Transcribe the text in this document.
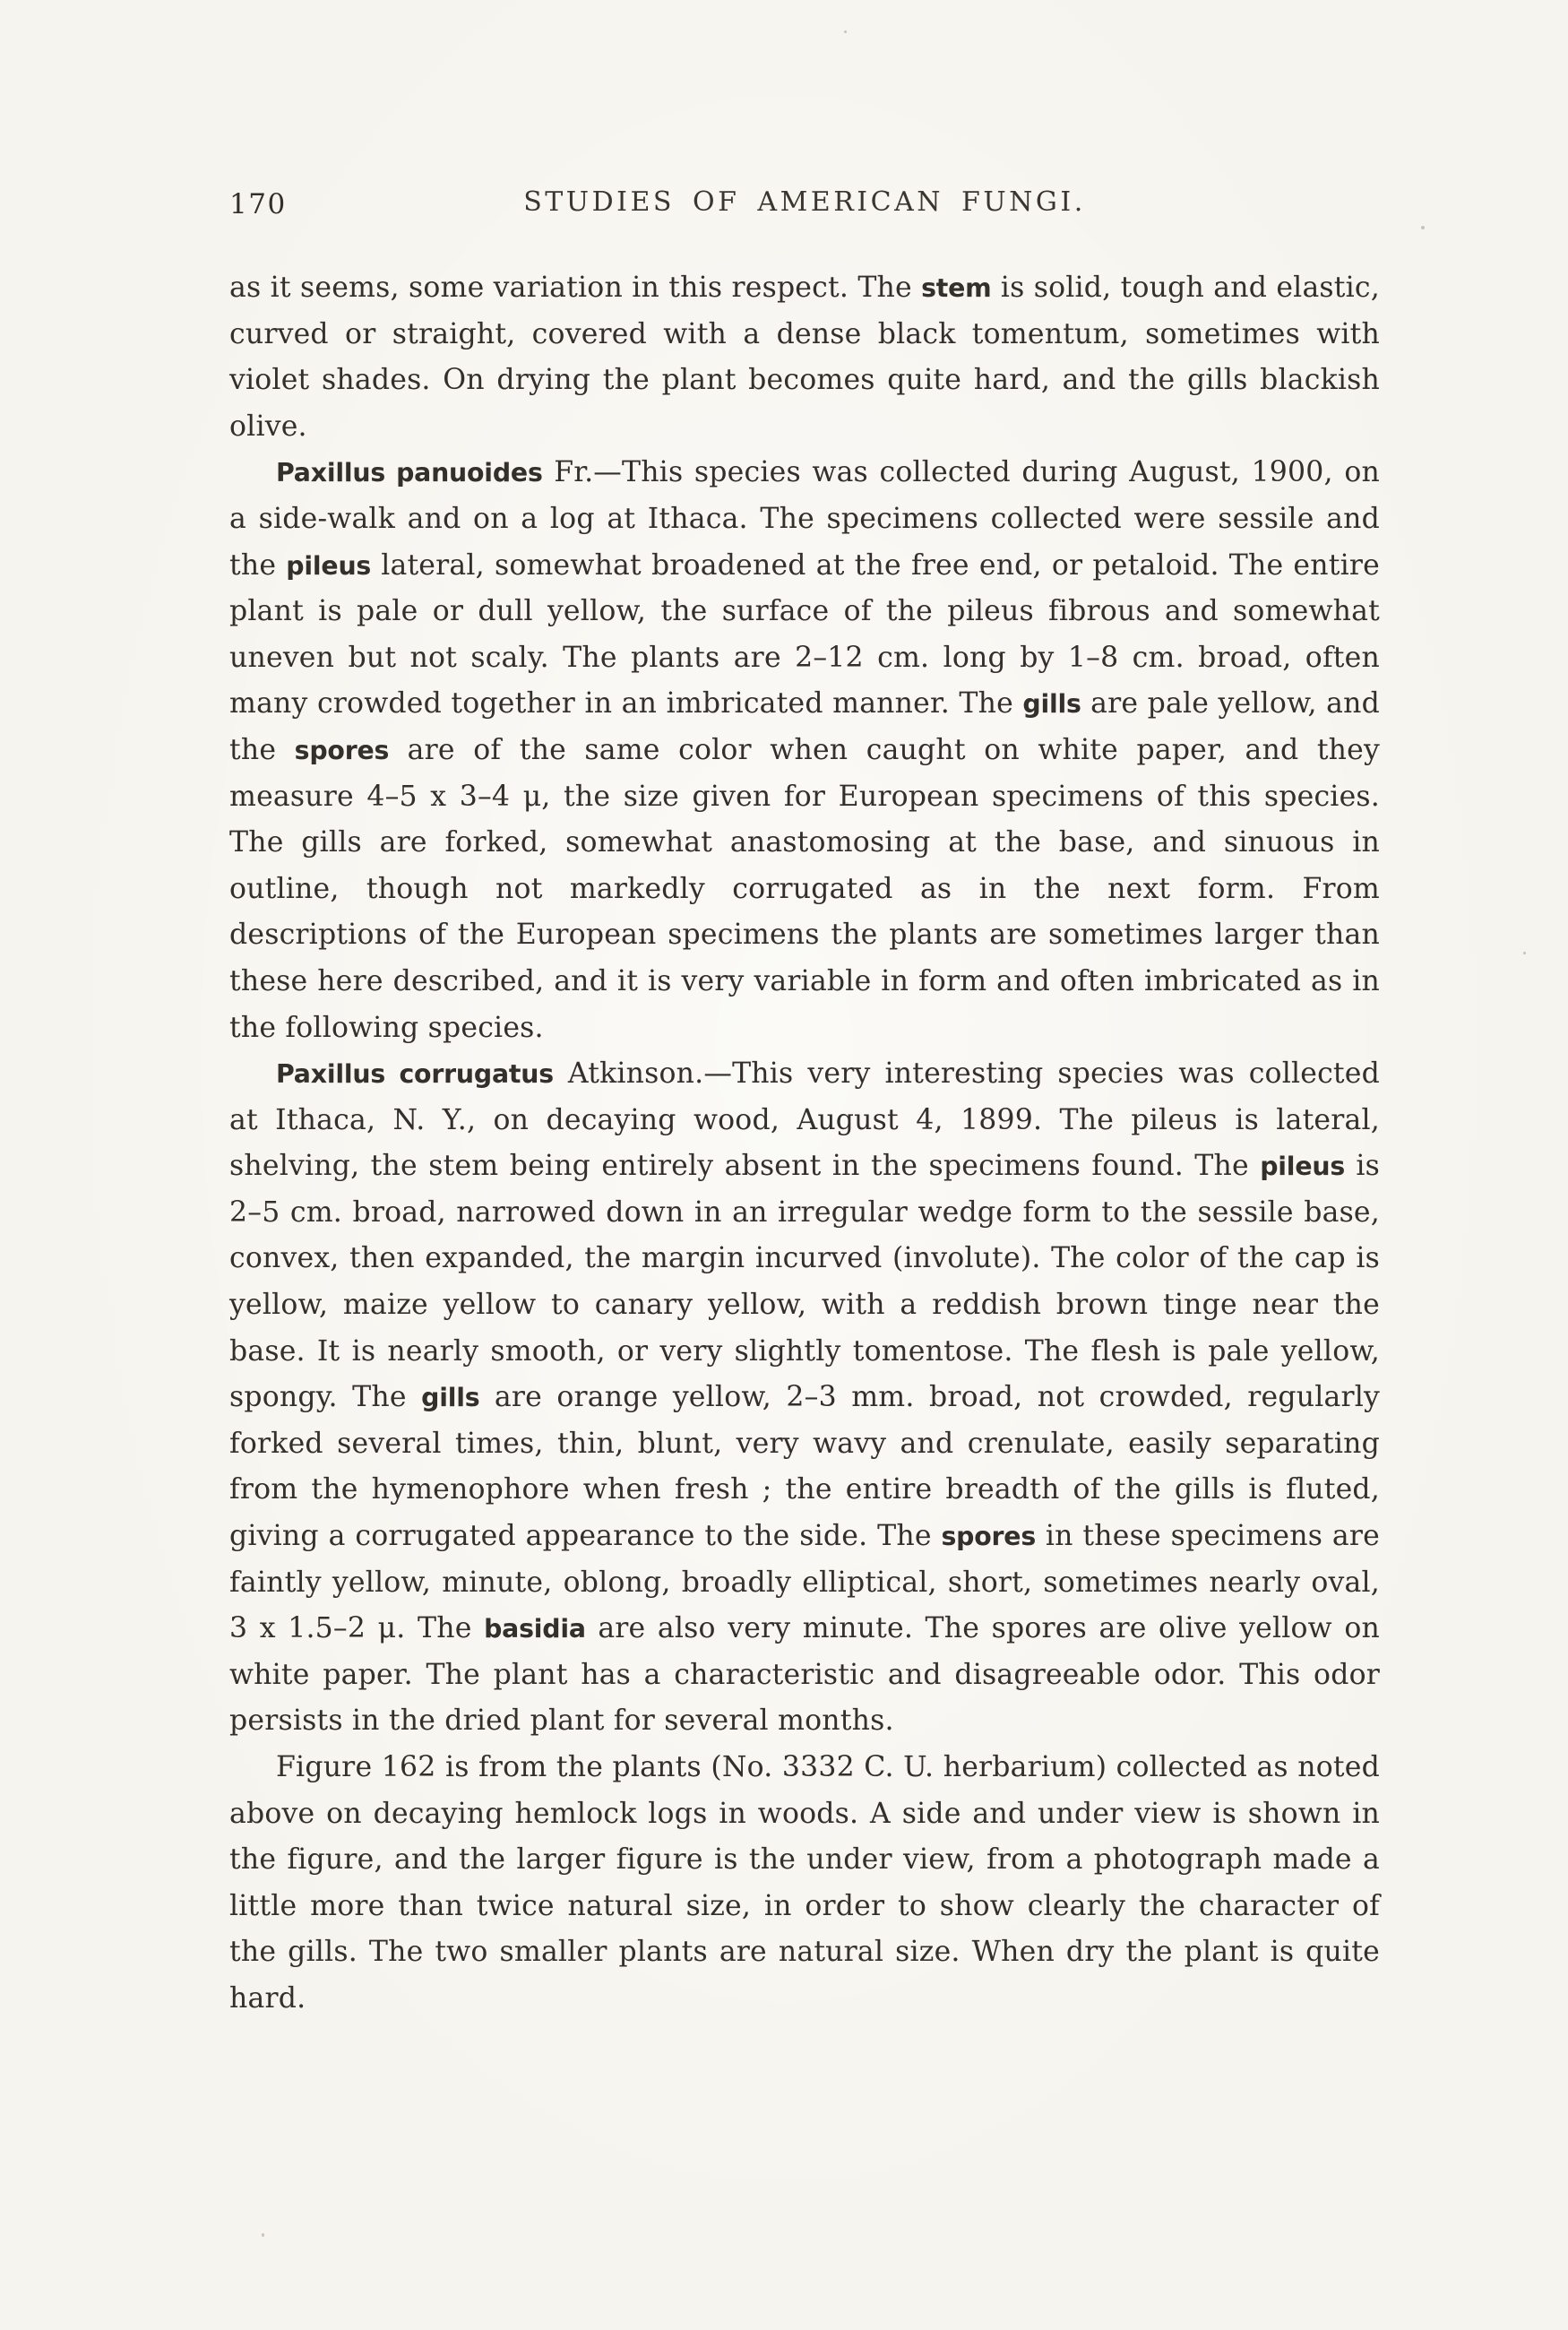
170	STUDIES OF AMERICAN FUNGI.

as it seems, some variation in this respect. The stem is solid, tough and elastic, curved or straight, covered with a dense black tomentum, sometimes with violet shades. On drying the plant becomes quite hard, and the gills blackish olive.

Paxillus panuoides Fr.—This species was collected during August, 1900, on a side-walk and on a log at Ithaca. The specimens collected were sessile and the pileus lateral, somewhat broadened at the free end, or petaloid. The entire plant is pale or dull yellow, the surface of the pileus fibrous and somewhat uneven but not scaly. The plants are 2–12 cm. long by 1–8 cm. broad, often many crowded together in an imbricated manner. The gills are pale yellow, and the spores are of the same color when caught on white paper, and they measure 4–5 x 3–4 μ, the size given for European specimens of this species. The gills are forked, somewhat anastomosing at the base, and sinuous in outline, though not markedly corrugated as in the next form. From descriptions of the European specimens the plants are sometimes larger than these here described, and it is very variable in form and often imbricated as in the following species.

Paxillus corrugatus Atkinson.—This very interesting species was collected at Ithaca, N. Y., on decaying wood, August 4, 1899. The pileus is lateral, shelving, the stem being entirely absent in the specimens found. The pileus is 2–5 cm. broad, narrowed down in an irregular wedge form to the sessile base, convex, then expanded, the margin incurved (involute). The color of the cap is yellow, maize yellow to canary yellow, with a reddish brown tinge near the base. It is nearly smooth, or very slightly tomentose. The flesh is pale yellow, spongy. The gills are orange yellow, 2–3 mm. broad, not crowded, regularly forked several times, thin, blunt, very wavy and crenulate, easily separating from the hymenophore when fresh ; the entire breadth of the gills is fluted, giving a corrugated appearance to the side. The spores in these specimens are faintly yellow, minute, oblong, broadly elliptical, short, sometimes nearly oval, 3 x 1.5–2 μ. The basidia are also very minute. The spores are olive yellow on white paper. The plant has a characteristic and disagreeable odor. This odor persists in the dried plant for several months.

Figure 162 is from the plants (No. 3332 C. U. herbarium) collected as noted above on decaying hemlock logs in woods. A side and under view is shown in the figure, and the larger figure is the under view, from a photograph made a little more than twice natural size, in order to show clearly the character of the gills. The two smaller plants are natural size. When dry the plant is quite hard.
